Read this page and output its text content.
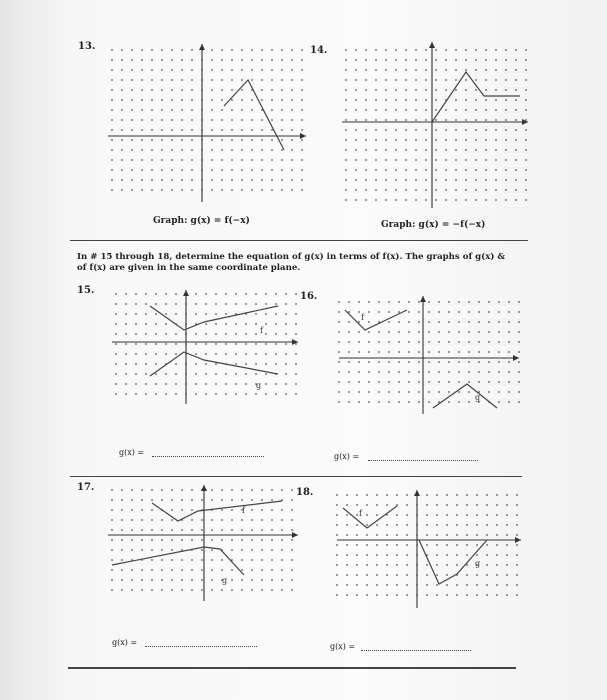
13.
Graph: g(x) = f(−x)
14.
Graph: g(x) = −f(−x)
In # 15 through 18, determine the equation of g(x) in terms of f(x). The graphs of g(x) &
of f(x) are given in the same coordinate plane.
15.
f
g
g(x) =
16.
f
g
g(x) =
17.
f
g
g(x) =
18.
f
g
g(x) =
